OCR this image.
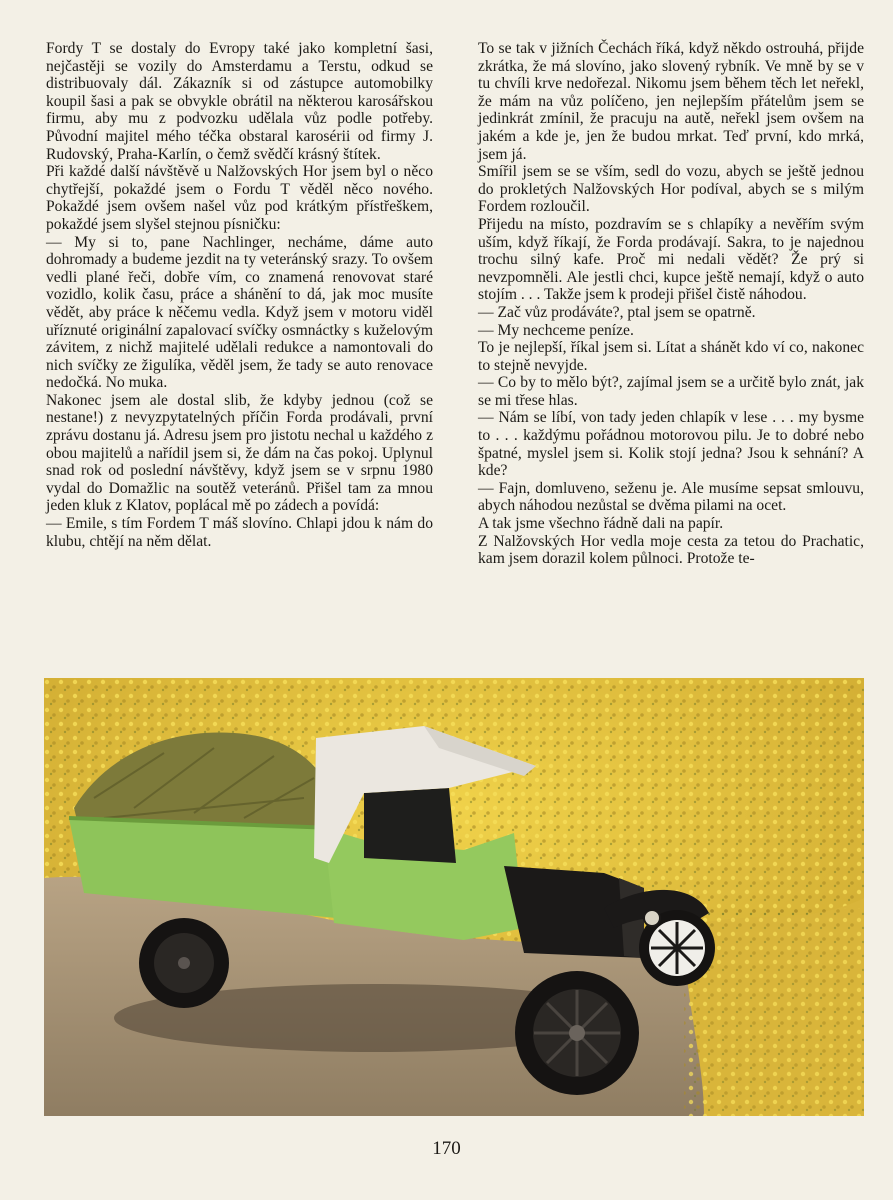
Fordy T se dostaly do Evropy také jako kompletní šasi, nejčastěji se vozily do Amsterdamu a Terstu, odkud se distribuovaly dál. Zákazník si od zástupce automobilky koupil šasi a pak se obvykle obrátil na některou karosářskou firmu, aby mu z podvozku udělala vůz podle potřeby. Původní majitel mého téčka obstaral karosérii od firmy J. Rudovský, Praha-Karlín, o čemž svědčí krásný štítek.

Při každé další návštěvě u Nalžovských Hor jsem byl o něco chytřejší, pokaždé jsem o Fordu T věděl něco nového. Pokaždé jsem ovšem našel vůz pod krátkým přístřeškem, pokaždé jsem slyšel stejnou písničku:

— My si to, pane Nachlinger, necháme, dáme auto dohromady a budeme jezdit na ty veteránský srazy. To ovšem vedli plané řeči, dobře vím, co znamená renovovat staré vozidlo, kolik času, práce a shánění to dá, jak moc musíte vědět, aby práce k něčemu vedla. Když jsem v motoru viděl uříznuté originální zapalovací svíčky osmnáctky s kuželovým závitem, z nichž majitelé udělali redukce a namontovali do nich svíčky ze žigulíka, věděl jsem, že tady se auto renovace nedočká. No muka.

Nakonec jsem ale dostal slib, že kdyby jednou (což se nestane!) z nevyzpytatelných příčin Forda prodávali, první zprávu dostanu já. Adresu jsem pro jistotu nechal u každého z obou majitelů a nařídil jsem si, že dám na čas pokoj. Uplynul snad rok od poslední návštěvy, když jsem se v srpnu 1980 vydal do Domažlic na soutěž veteránů. Přišel tam za mnou jeden kluk z Klatov, poplácal mě po zádech a povídá:

— Emile, s tím Fordem T máš slovíno. Chlapi jdou k nám do klubu, chtějí na něm dělat.

To se tak v jižních Čechách říká, když někdo ostrouhá, přijde zkrátka, že má slovíno, jako slovený rybník. Ve mně by se v tu chvíli krve nedořezal. Nikomu jsem během těch let neřekl, že mám na vůz políčeno, jen nejlepším přátelům jsem se jedinkrát zmínil, že pracuju na autě, neřekl jsem ovšem na jakém a kde je, jen že budou mrkat. Teď první, kdo mrká, jsem já.

Smířil jsem se se vším, sedl do vozu, abych se ještě jednou do prokletých Nalžovských Hor podíval, abych se s milým Fordem rozloučil.

Přijedu na místo, pozdravím se s chlapíky a nevěřím svým uším, když říkají, že Forda prodávají. Sakra, to je najednou trochu silný kafe. Proč mi nedali vědět? Že prý si nevzpomněli. Ale jestli chci, kupce ještě nemají, když o auto stojím . . . Takže jsem k prodeji přišel čistě náhodou.

— Zač vůz prodáváte?, ptal jsem se opatrně.

— My nechceme peníze.

To je nejlepší, říkal jsem si. Lítat a shánět kdo ví co, nakonec to stejně nevyjde.

— Co by to mělo být?, zajímal jsem se a určitě bylo znát, jak se mi třese hlas.

— Nám se líbí, von tady jeden chlapík v lese . . . my bysme to . . . každýmu pořádnou motorovou pilu. Je to dobré nebo špatné, myslel jsem si. Kolik stojí jedna? Jsou k sehnání? A kde?

— Fajn, domluveno, seženu je. Ale musíme sepsat smlouvu, abych náhodou nezůstal se dvěma pilami na ocet.

A tak jsme všechno řádně dali na papír.

Z Nalžovských Hor vedla moje cesta za tetou do Prachatic, kam jsem dorazil kolem půlnoci. Protože te-

170
